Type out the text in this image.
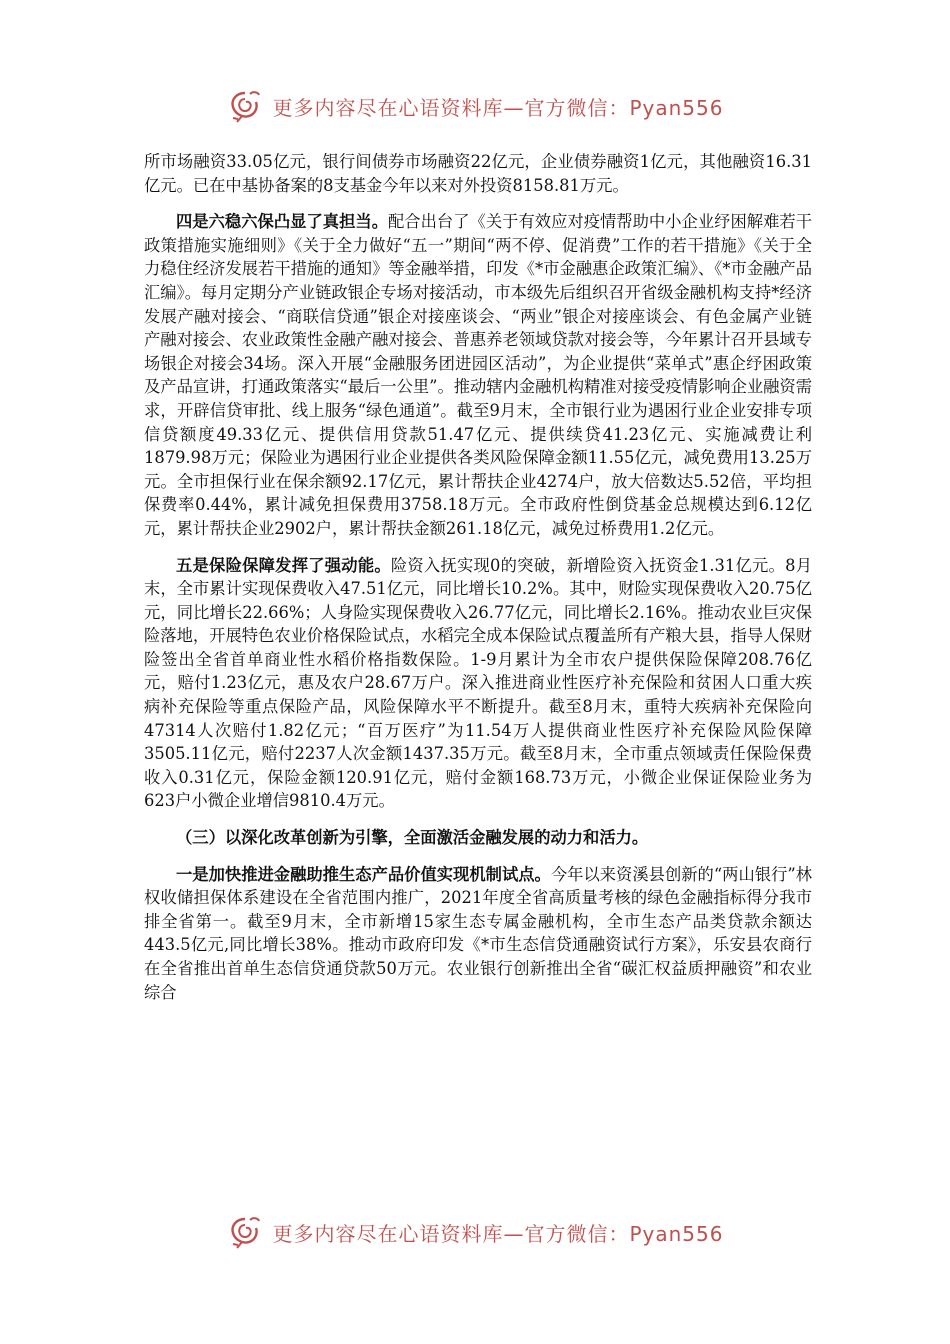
更多内容尽在心语资料库—官方微信：Pyan556

所市场融资33.05亿元，银行间债券市场融资22亿元，企业债券融资1亿元，其他融资16.31亿元。已在中基协备案的8支基金今年以来对外投资8158.81万元。

四是六稳六保凸显了真担当。配合出台了《关于有效应对疫情帮助中小企业纾困解难若干政策措施实施细则》《关于全力做好“五一”期间“两不停、促消费”工作的若干措施》《关于全力稳住经济发展若干措施的通知》等金融举措，印发《*市金融惠企政策汇编》、《*市金融产品汇编》。每月定期分产业链政银企专场对接活动，市本级先后组织召开省级金融机构支持*经济发展产融对接会、“商联信贷通”银企对接座谈会、“两业”银企对接座谈会、有色金属产业链产融对接会、农业政策性金融产融对接会、普惠养老领域贷款对接会等，今年累计召开县域专场银企对接会34场。深入开展“金融服务团进园区活动”，为企业提供“菜单式”惠企纾困政策及产品宣讲，打通政策落实“最后一公里”。推动辖内金融机构精准对接受疫情影响企业融资需求，开辟信贷审批、线上服务“绿色通道”。截至9月末，全市银行业为遇困行业企业安排专项信贷额度49.33亿元、提供信用贷款51.47亿元、提供续贷41.23亿元、实施减费让利1879.98万元；保险业为遇困行业企业提供各类风险保障金额11.55亿元，减免费用13.25万元。全市担保行业在保余额92.17亿元，累计帮扶企业4274户，放大倍数达5.52倍，平均担保费率0.44%，累计减免担保费用3758.18万元。全市政府性倒贷基金总规模达到6.12亿元，累计帮扶企业2902户，累计帮扶金额261.18亿元，减免过桥费用1.2亿元。

五是保险保障发挥了强动能。险资入抚实现0的突破，新增险资入抚资金1.31亿元。8月末，全市累计实现保费收入47.51亿元，同比增长10.2%。其中，财险实现保费收入20.75亿元，同比增长22.66%；人身险实现保费收入26.77亿元，同比增长2.16%。推动农业巨灾保险落地，开展特色农业价格保险试点，水稻完全成本保险试点覆盖所有产粮大县，指导人保财险签出全省首单商业性水稻价格指数保险。1-9月累计为全市农户提供保险保障208.76亿元，赔付1.23亿元，惠及农户28.67万户。深入推进商业性医疗补充保险和贫困人口重大疾病补充保险等重点保险产品，风险保障水平不断提升。截至8月末，重特大疾病补充保险向47314人次赔付1.82亿元；“百万医疗”为11.54万人提供商业性医疗补充保险风险保障3505.11亿元，赔付2237人次金额1437.35万元。截至8月末，全市重点领域责任保险保费收入0.31亿元，保险金额120.91亿元，赔付金额168.73万元，小微企业保证保险业务为623户小微企业增信9810.4万元。

（三）以深化改革创新为引擎，全面激活金融发展的动力和活力。

一是加快推进金融助推生态产品价值实现机制试点。今年以来资溪县创新的“两山银行”林权收储担保体系建设在全省范围内推广，2021年度全省高质量考核的绿色金融指标得分我市排全省第一。截至9月末，全市新增15家生态专属金融机构，全市生态产品类贷款余额达443.5亿元,同比增长38%。推动市政府印发《*市生态信贷通融资试行方案》，乐安县农商行在全省推出首单生态信贷通贷款50万元。农业银行创新推出全省“碳汇权益质押融资”和农业综合

更多内容尽在心语资料库—官方微信：Pyan556
